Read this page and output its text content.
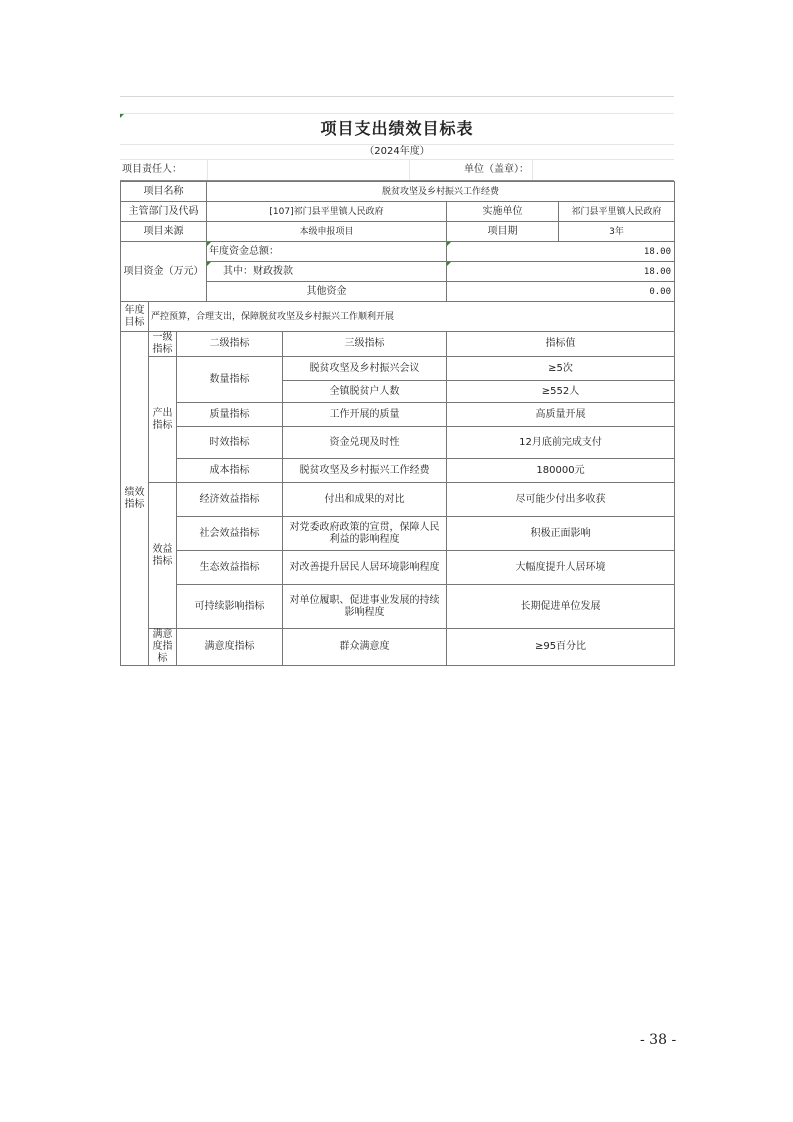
项目支出绩效目标表
（2024年度）
项目责任人：	单位（盖章）：
项目名称			脱贫攻坚及乡村振兴工作经费			
主管部门及代码			[107]祁门县平里镇人民政府		实施单位	祁门县平里镇人民政府
项目来源			本级申报项目		项目期	3年
项目资金（万元）			年度资金总额：		18.00	

其中：财政拨款		18.00	
			其他资金		0.00	
年度目标	严控预算，合理支出，保障脱贫攻坚及乡村振兴工作顺利开展					
绩效指标	一级指标	二级指标		三级指标	指标值	
	产出指标	数量指标		脱贫攻坚及乡村振兴会议	≥5次	
				全镇脱贫户人数	≥552人	
		质量指标		工作开展的质量	高质量开展	
		时效指标		资金兑现及时性	12月底前完成支付	
		成本指标		脱贫攻坚及乡村振兴工作经费	180000元	
	效益指标	经济效益指标		付出和成果的对比	尽可能少付出多收获	
		社会效益指标		对党委政府政策的宣贯，保障人民利益的影响程度	积极正面影响	
		生态效益指标		对改善提升居民人居环境影响程度	大幅度提升人居环境	
		可持续影响指标		对单位履职、促进事业发展的持续影响程度	长期促进单位发展	
	满意度指标	满意度指标		群众满意度	≥95百分比	
- 38 -
